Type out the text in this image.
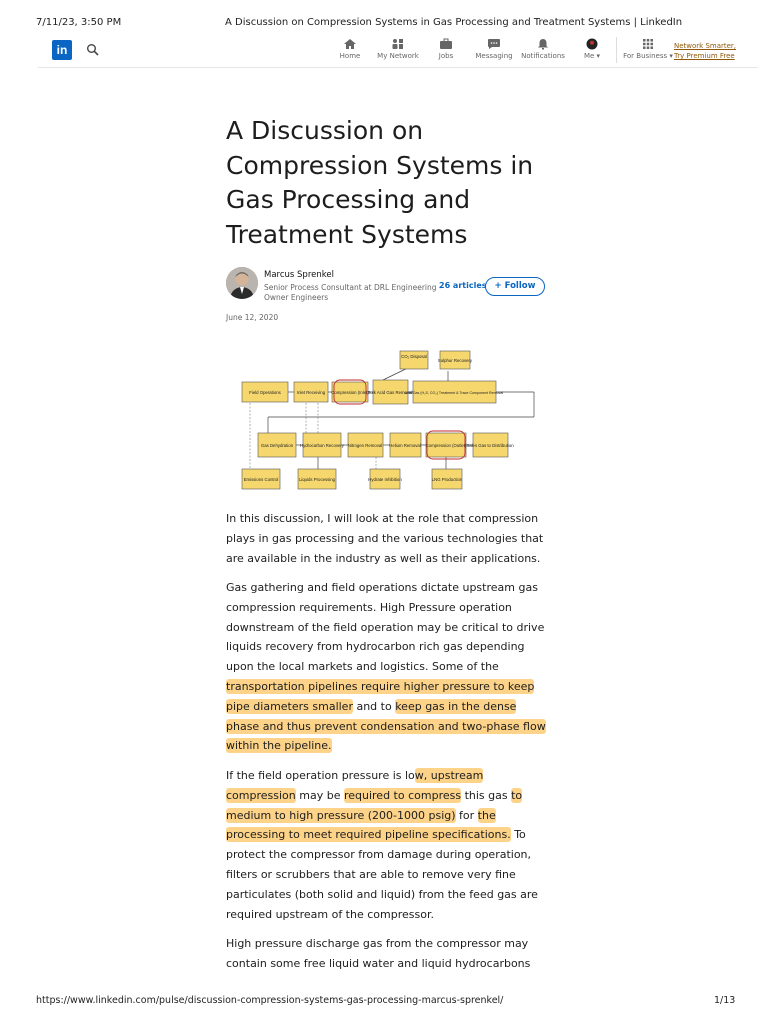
7/11/23, 3:50 PM	A Discussion on Compression Systems in Gas Processing and Treatment Systems | LinkedIn
in	Home	My Network	Jobs	Messaging	Notifications	Me ▾	For Business ▾
Network Smarter,
Try Premium Free
A Discussion on Compression Systems in Gas Processing and Treatment Systems
Marcus Sprenkel
Senior Process Consultant at DRL Engineering - Owner Engineers
26 articles + Follow
June 12, 2020
CO₂ Disposal
Sulphur Recovery
Field Operations	Inlet Receiving Compression (Inlet)
Bulk Acid Gas Removal
Acid Gas (H₂S, CO₂) Treatment & Trace Component Removal
Gas Dehydration Hydrocarbon Recovery Nitrogen Removal Helium Removal Compression (Outlet) Sales Gas to Distribution
Emissions Control	Liquids Processing	Hydrate Inhibition	LNG Production

In this discussion, I will look at the role that compression plays in gas processing and the various technologies that are available in the industry as well as their applications.

Gas gathering and field operations dictate upstream gas compression requirements. High Pressure operation downstream of the field operation may be critical to drive liquids recovery from hydrocarbon rich gas depending upon the local markets and logistics. Some of the transportation pipelines require higher pressure to keep pipe diameters smaller and to keep gas in the dense phase and thus prevent condensation and two-phase flow within the pipeline.

If the field operation pressure is low, upstream compression may be required to compress this gas to medium to high pressure (200-1000 psig) for the processing to meet required pipeline specifications. To protect the compressor from damage during operation, filters or scrubbers that are able to remove very fine particulates (both solid and liquid) from the feed gas are required upstream of the compressor.

High pressure discharge gas from the compressor may contain some free liquid water and liquid hydrocarbons

https://www.linkedin.com/pulse/discussion-compression-systems-gas-processing-marcus-sprenkel/	1/13
